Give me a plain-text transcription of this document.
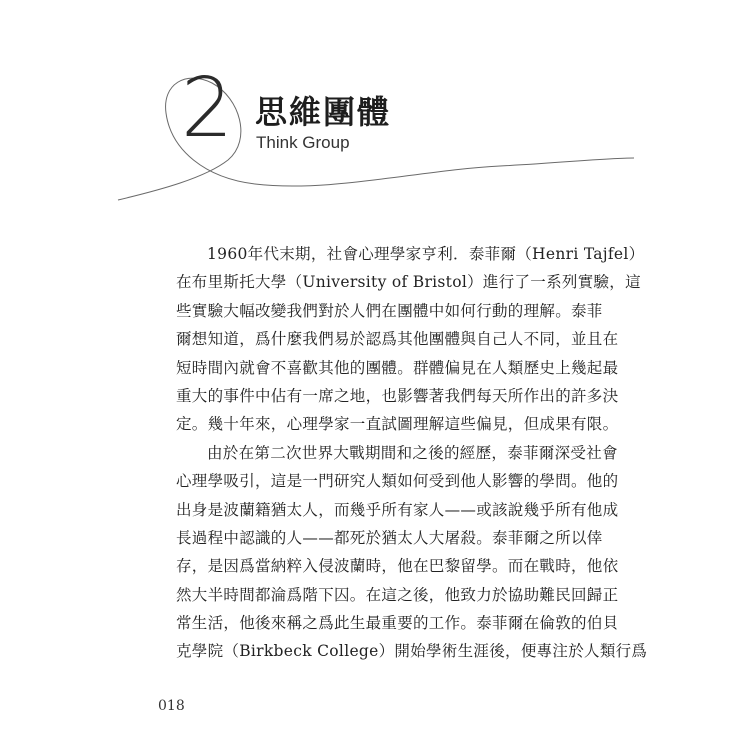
2 思維團體
Think Group
1960年代末期，社會心理學家亨利．泰菲爾（Henri Tajfel）
在布里斯托大學（University of Bristol）進行了一系列實驗，這
些實驗大幅改變我們對於人們在團體中如何行動的理解。泰菲
爾想知道，爲什麼我們易於認爲其他團體與自己人不同，並且在
短時間內就會不喜歡其他的團體。群體偏見在人類歷史上幾起最
重大的事件中佔有一席之地，也影響著我們每天所作出的許多決
定。幾十年來，心理學家一直試圖理解這些偏見，但成果有限。
由於在第二次世界大戰期間和之後的經歷，泰菲爾深受社會
心理學吸引，這是一門研究人類如何受到他人影響的學問。他的
出身是波蘭籍猶太人，而幾乎所有家人——或該說幾乎所有他成
長過程中認識的人——都死於猶太人大屠殺。泰菲爾之所以倖
存，是因爲當納粹入侵波蘭時，他在巴黎留學。而在戰時，他依
然大半時間都淪爲階下囚。在這之後，他致力於協助難民回歸正
常生活，他後來稱之爲此生最重要的工作。泰菲爾在倫敦的伯貝
克學院（Birkbeck College）開始學術生涯後，便專注於人類行爲
018
